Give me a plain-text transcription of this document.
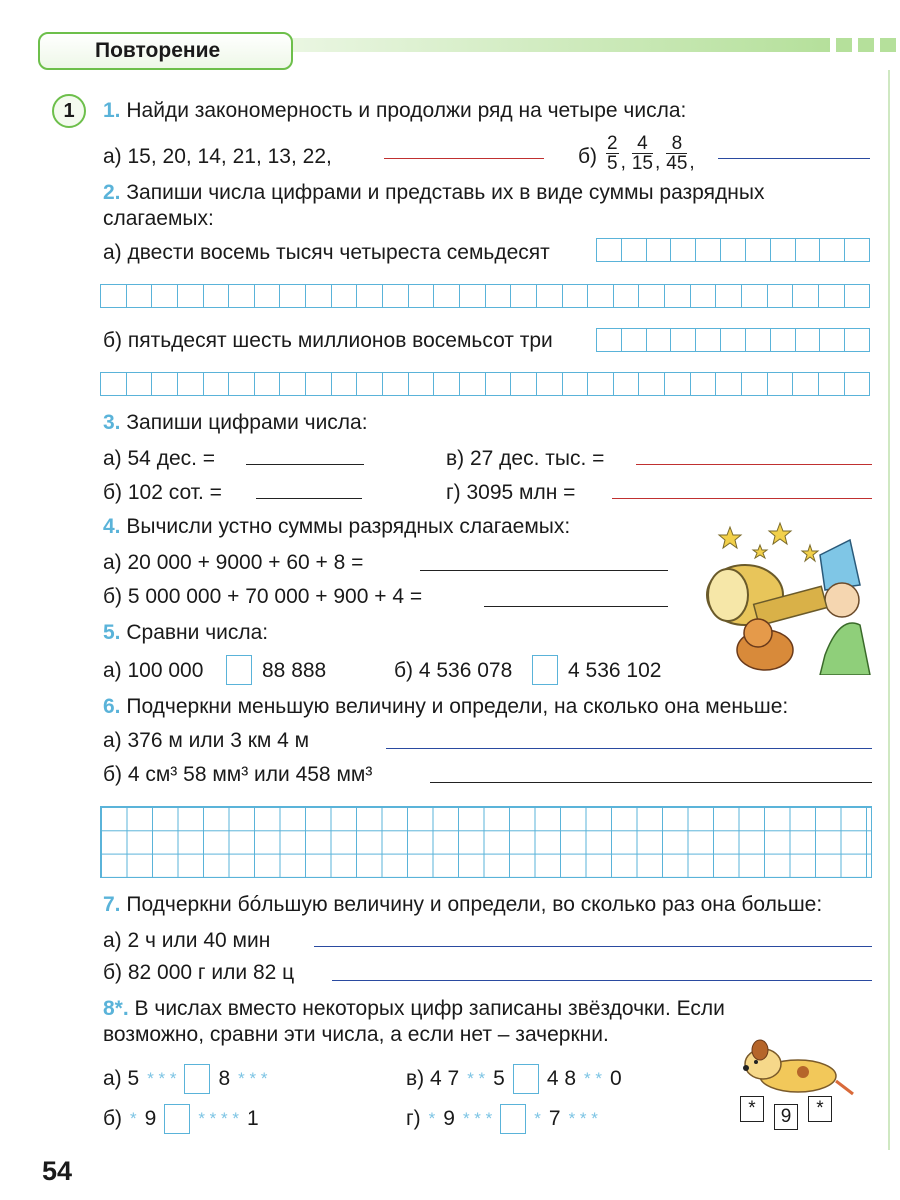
Повторение
1	1. Найди закономерность и продолжи ряд на четыре числа:
а) 15, 20, 14, 21, 13, 22,	$б) \frac{2}{5}$ , $\frac{4}{15}$ , $\frac{8}{45}$ ,
2. Запиши числа цифрами и представь их в виде суммы разрядных
слагаемых:
а) двести восемь тысяч четыреста семьдесят
б) пятьдесят шесть миллионов восемьсот три
3. Запиши цифрами числа:
а) 54 дес. =	в) 27 дес. тыс. =
б) 102 сот. =	г) 3095 млн =
4. Вычисли устно суммы разрядных слагаемых:
а) 20 000 + 9000 + 60 + 8 =
б) 5 000 000 + 70 000 + 900 + 4 =
5. Сравни числа:
а) 100 000	88 888	б) 4 536 078	4 536 102
6. Подчеркни меньшую величину и определи, на сколько она меньше:
а) 376 м или 3 км 4 м
б) 4 см³ 58 мм³ или 458 мм³
7. Подчеркни бóльшую величину и определи, во сколько раз она больше:
а) 2 ч или 40 мин
б) 82 000 г или 82 ц
8*. В числах вместо некоторых цифр записаны звёздочки. Если
возможно, сравни эти числа, а если нет – зачеркни.
а) 5 * * * 8 * * *	в) 4 7 * * 5 4 8 * * 0
б) * 9 * * * * 1	г) * 9 * * * * 7 * * *	*	9	*
54
